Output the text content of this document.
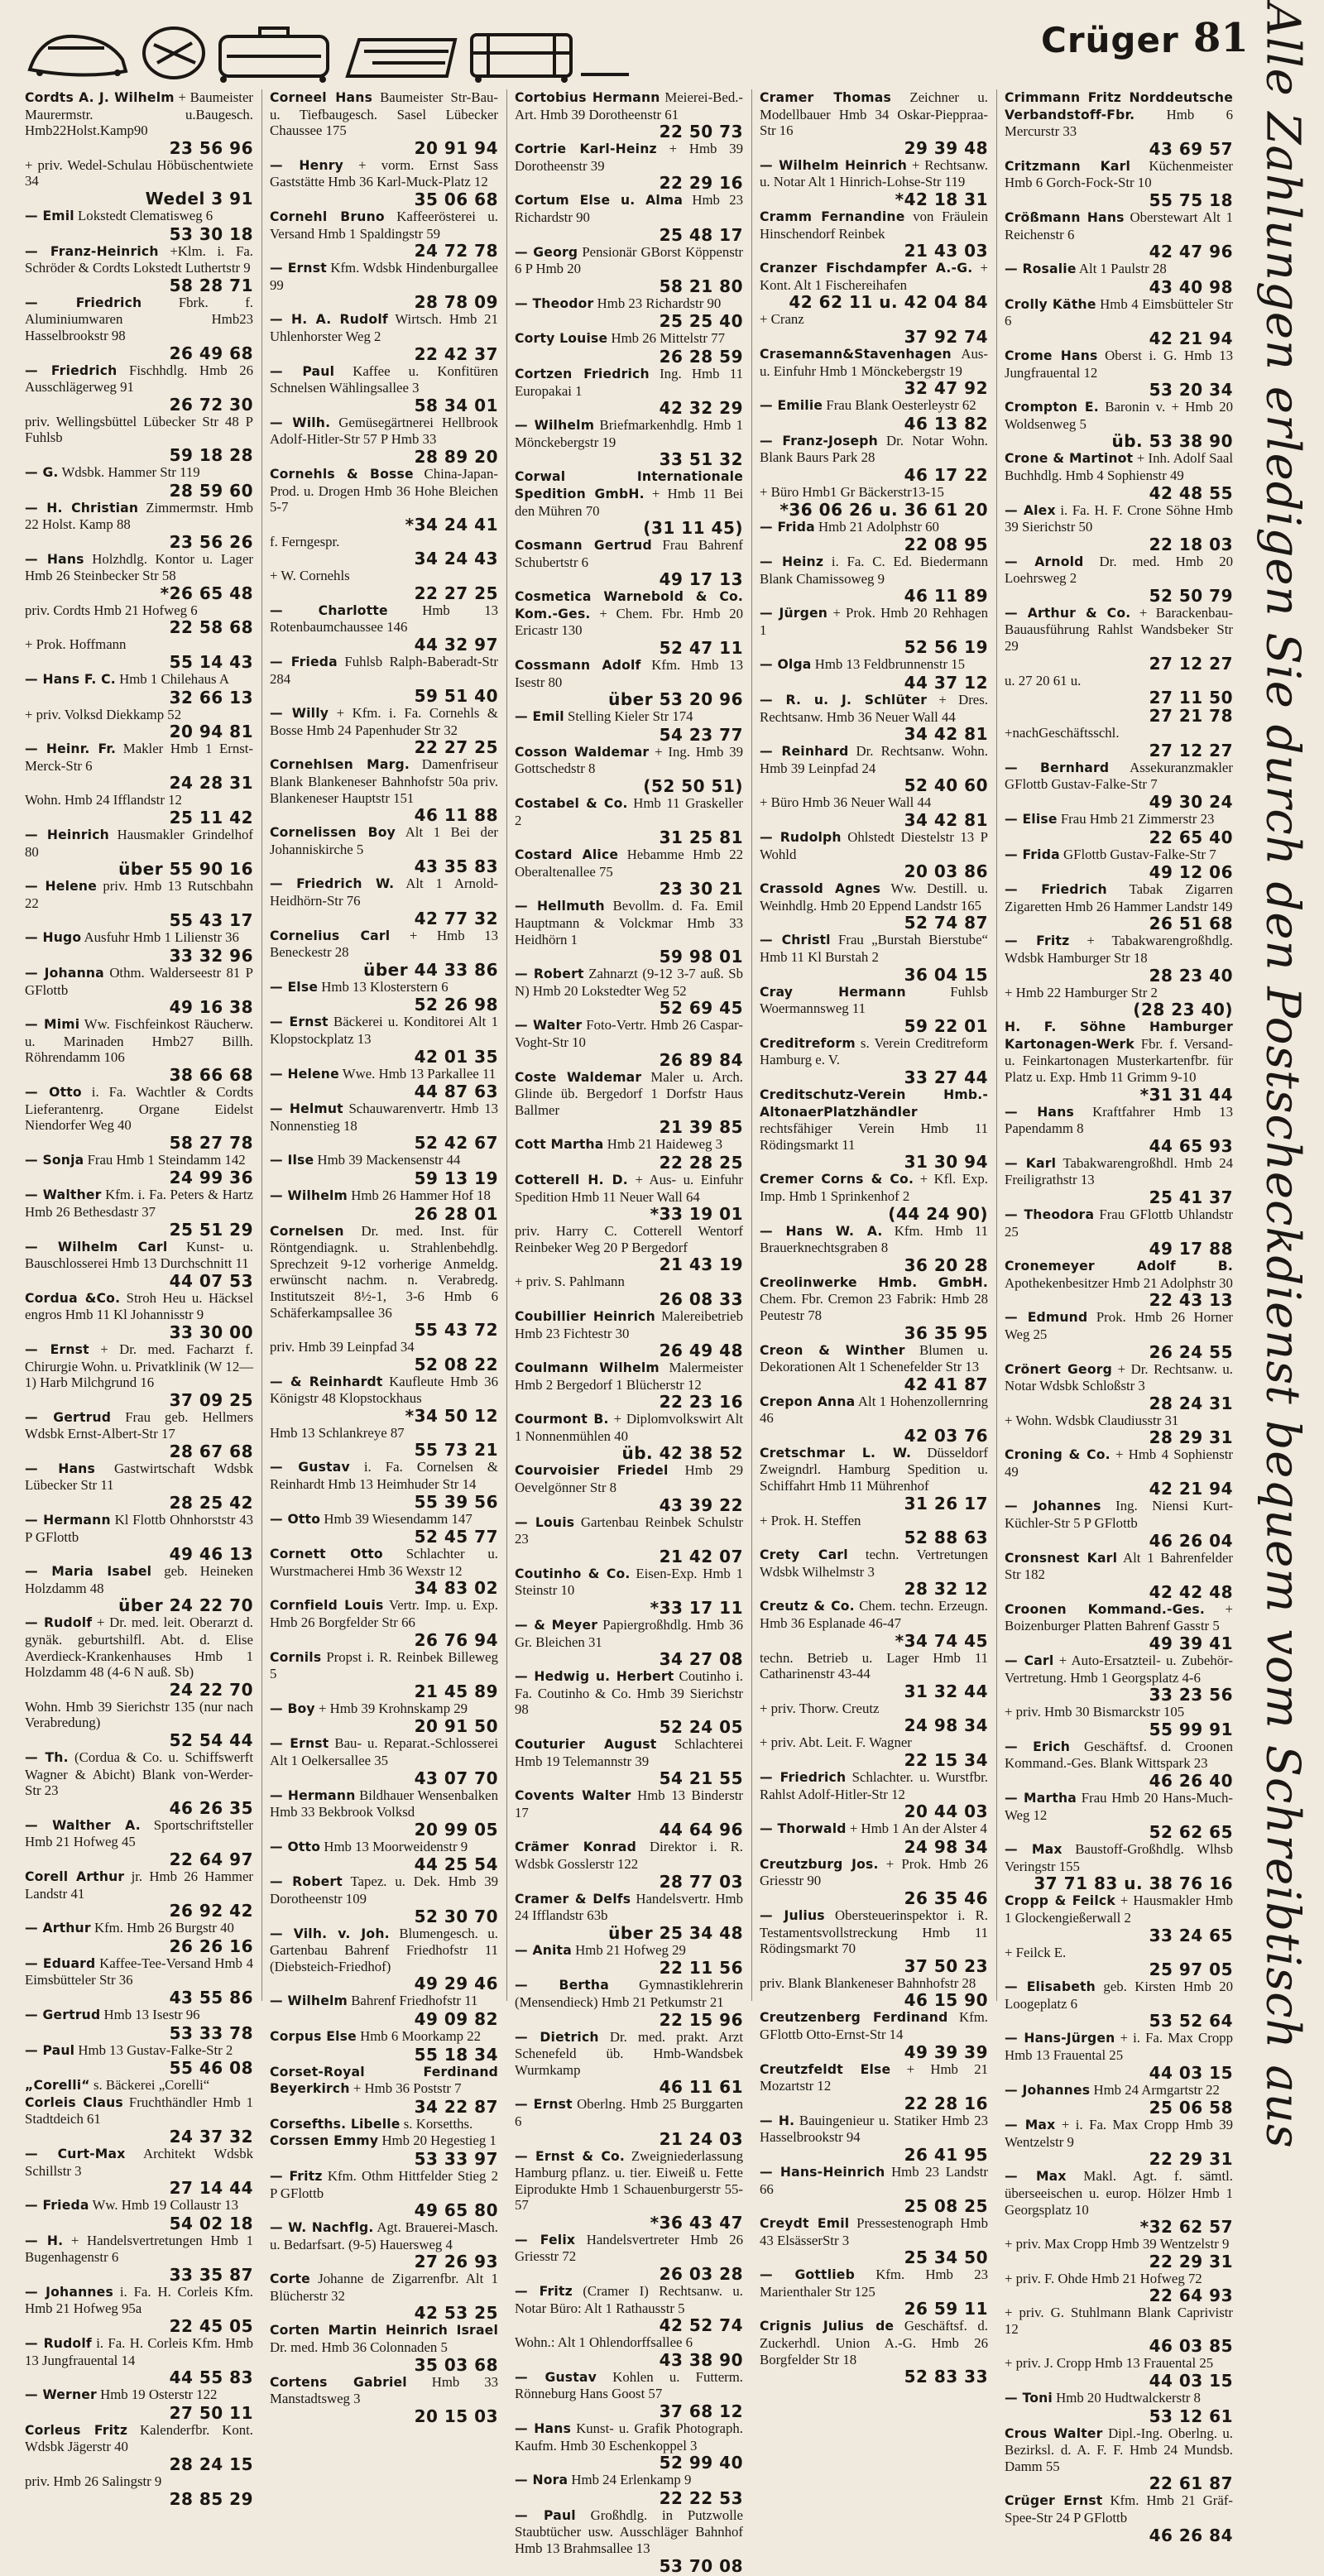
Crüger 81
Cordts A. J. Wilhelm + Baumeister Maurermstr. u.Baugesch. Hmb22Holst.Kamp90
23 56 96
+ priv. Wedel-Schulau Höbüschentwiete 34
Wedel 3 91
— Emil Lokstedt Clematisweg 6
53 30 18
— Franz-Heinrich +Klm. i. Fa. Schröder & Cordts Lokstedt Luthertstr 9
58 28 71
— Friedrich	Fbrk. f. Aluminiumwaren Hmb23 Hasselbrookstr 98
26 49 68
— Friedrich Fischhdlg. Hmb 26 Ausschlägerweg 91
26 72 30
priv. Wellingsbüttel Lübecker Str 48 P Fuhlsb
59 18 28
— G. Wdsbk. Hammer Str 119
28 59 60
— H. Christian Zimmermstr. Hmb 22 Holst. Kamp 88
23 56 26
— Hans Holzhdlg. Kontor u. Lager Hmb 26 Steinbecker Str 58
*26 65 48
priv. Cordts Hmb 21 Hofweg 6
22 58 68
+ Prok. Hoffmann
55 14 43
— Hans F. C. Hmb 1 Chilehaus A
32 66 13
+ priv. Volksd Diekkamp 52
20 94 81
— Heinr. Fr. Makler Hmb 1 Ernst-Merck-Str 6
24 28 31
Wohn. Hmb 24 Ifflandstr 12
25 11 42
— Heinrich Hausmakler Grindelhof 80
über 55 90 16
— Helene priv. Hmb 13 Rutschbahn 22
55 43 17
— Hugo Ausfuhr Hmb 1 Lilienstr 36
33 32 96
— Johanna Othm. Walderseestr 81 P GFlottb
49 16 38
— Mimi Ww. Fischfeinkost Räucherw. u. Marinaden Hmb27 Billh. Röhrendamm 106
38 66 68
— Otto i. Fa. Wachtler & Cordts Lieferantenrg. Organe Eidelst Niendorfer Weg 40
58 27 78
— Sonja Frau Hmb 1 Steindamm 142
24 99 36
— Walther Kfm. i. Fa. Peters & Hartz Hmb 26 Bethesdastr 37
25 51 29
— Wilhelm Carl Kunst- u. Bauschlosserei Hmb 13 Durchschnitt 11
44 07 53
Cordua &Co. Stroh Heu u. Häcksel engros Hmb 11 Kl Johannisstr 9
33 30 00
— Ernst + Dr. med. Facharzt f. Chirurgie Wohn. u. Privatklinik (W 12—1) Harb Milchgrund 16
37 09 25
— Gertrud Frau geb. Hellmers Wdsbk Ernst-Albert-Str 17
28 67 68
— Hans Gastwirtschaft Wdsbk Lübecker Str 11
28 25 42
— Hermann Kl Flottb Ohnhorststr 43 P GFlottb
49 46 13
— Maria Isabel geb. Heineken Holzdamm 48
über 24 22 70
— Rudolf + Dr. med. leit. Oberarzt d. gynäk. geburtshilfl. Abt. d. Elise Averdieck-Krankenhauses Hmb 1 Holzdamm 48 (4-6 N auß. Sb)
24 22 70
Wohn. Hmb 39 Sierichstr 135 (nur nach Verabredung)
52 54 44
— Th. (Cordua & Co. u. Schiffswerft Wagner & Abicht) Blank von-Werder-Str 23
46 26 35
— Walther A. Sportschriftsteller Hmb 21 Hofweg 45
22 64 97
Corell Arthur jr. Hmb 26 Hammer Landstr 41
26 92 42
— Arthur Kfm. Hmb 26 Burgstr 40
26 26 16
— Eduard Kaffee-Tee-Versand Hmb 4 Eimsbütteler Str 36
43 55 86
— Gertrud Hmb 13 Isestr 96
53 33 78
— Paul Hmb 13 Gustav-Falke-Str 2
55 46 08
„Corelli“ s. Bäckerei „Corelli“
Corleis Claus Fruchthändler Hmb 1 Stadtdeich 61
24 37 32
— Curt-Max Architekt Wdsbk Schillstr 3
27 14 44
— Frieda Ww. Hmb 19 Collaustr 13
54 02 18
— H. + Handelsvertretungen Hmb 1 Bugenhagenstr 6
33 35 87
— Johannes i. Fa. H. Corleis Kfm. Hmb 21 Hofweg 95a
22 45 05
— Rudolf i. Fa. H. Corleis Kfm. Hmb 13 Jungfrauental 14
44 55 83
— Werner Hmb 19 Osterstr 122
27 50 11
Corleus Fritz Kalenderfbr. Kont. Wdsbk Jägerstr 40
28 24 15
priv. Hmb 26 Salingstr 9
28 85 29
Corneel Hans Baumeister Str-Bau- u. Tiefbaugesch. Sasel Lübecker Chaussee 175
20 91 94
— Henry + vorm. Ernst Sass Gaststätte Hmb 36 Karl-Muck-Platz 12
35 06 68
Cornehl Bruno Kaffeerösterei u. Versand Hmb 1 Spaldingstr 59
24 72 78
— Ernst Kfm. Wdsbk Hindenburgallee 99
28 78 09
— H. A. Rudolf Wirtsch. Hmb 21 Uhlenhorster Weg 2
22 42 37
— Paul Kaffee u. Konfitüren Schnelsen Wählingsallee 3
58 34 01
— Wilh. Gemüsegärtnerei Hellbrook Adolf-Hitler-Str 57 P Hmb 33
28 89 20
Cornehls & Bosse China-Japan-Prod. u. Drogen Hmb 36 Hohe Bleichen 5-7
*34 24 41
f. Ferngespr.
34 24 43
+ W. Cornehls
22 27 25
— Charlotte Hmb 13 Rotenbaumchaussee 146
44 32 97
— Frieda Fuhlsb Ralph-Baberadt-Str 284
59 51 40
— Willy + Kfm. i. Fa. Cornehls & Bosse Hmb 24 Papenhuder Str 32
22 27 25
Cornehlsen Marg. Damenfriseur Blank Blankeneser Bahnhofstr 50a priv. Blankeneser Hauptstr 151
46 11 88
Cornelissen Boy Alt 1 Bei der Johanniskirche 5
43 35 83
— Friedrich W. Alt 1 Arnold-Heidhörn-Str 76
42 77 32
Cornelius Carl + Hmb 13 Beneckestr 28
über 44 33 86
— Else Hmb 13 Klosterstern 6
52 26 98
— Ernst Bäckerei u. Konditorei Alt 1 Klopstockplatz 13
42 01 35
— Helene Wwe. Hmb 13 Parkallee 11
44 87 63
— Helmut Schauwarenvertr. Hmb 13 Nonnenstieg 18
52 42 67
— Ilse Hmb 39 Mackensenstr 44
59 13 19
— Wilhelm Hmb 26 Hammer Hof 18
26 28 01
Cornelsen Dr. med. Inst. für Röntgendiagnk. u. Strahlenbehdlg. Sprechzeit 9-12 vorherige Anmeldg. erwünscht nachm. n. Verabredg. Institutszeit 8½-1, 3-6 Hmb 6 Schäferkampsallee 36
55 43 72
priv. Hmb 39 Leinpfad 34
52 08 22
— & Reinhardt Kaufleute Hmb 36 Königstr 48 Klopstockhaus
*34 50 12
Hmb 13 Schlankreye 87
55 73 21
— Gustav i. Fa. Cornelsen & Reinhardt Hmb 13 Heimhuder Str 14
55 39 56
— Otto Hmb 39 Wiesendamm 147
52 45 77
Cornett Otto Schlachter u. Wurstmacherei Hmb 36 Wexstr 12
34 83 02
Cornfield Louis Vertr. Imp. u. Exp. Hmb 26 Borgfelder Str 66
26 76 94
Cornils Propst i. R. Reinbek Billeweg 5
21 45 89
— Boy + Hmb 39 Krohnskamp 29
20 91 50
— Ernst Bau- u. Reparat.-Schlosserei Alt 1 Oelkersallee 35
43 07 70
— Hermann Bildhauer Wensenbalken Hmb 33 Bekbrook Volksd
20 99 05
— Otto Hmb 13 Moorweidenstr 9
44 25 54
— Robert Tapez. u. Dek. Hmb 39 Dorotheenstr 109
52 30 70
— Vilh. v. Joh. Blumengesch. u. Gartenbau Bahrenf Friedhofstr 11 (Diebsteich-Friedhof)
49 29 46
— Wilhelm Bahrenf Friedhofstr 11
49 09 82
Corpus Else Hmb 6 Moorkamp 22
55 18 34
Corset-Royal Ferdinand Beyerkirch + Hmb 36 Poststr 7
34 22 87
Corsefths. Libelle s. Korsetths.
Corssen Emmy Hmb 20 Hegestieg 1
53 33 97
— Fritz Kfm. Othm Hittfelder Stieg 2 P GFlottb
49 65 80
— W. Nachflg. Agt. Brauerei-Masch. u. Bedarfsart. (9-5) Hauersweg 4
27 26 93
Corte Johanne de Zigarrenfbr. Alt 1 Blücherstr 32
42 53 25
Corten Martin Heinrich Israel Dr. med. Hmb 36 Colonnaden 5
35 03 68
Cortens Gabriel Hmb 33 Manstadtsweg 3
20 15 03
Cortobius Hermann Meierei-Bed.-Art. Hmb 39 Dorotheenstr 61
22 50 73
Cortrie Karl-Heinz + Hmb 39 Dorotheenstr 39
22 29 16
Cortum Else u. Alma Hmb 23 Richardstr 90
25 48 17
— Georg Pensionär GBorst Köppenstr 6 P Hmb 20
58 21 80
— Theodor Hmb 23 Richardstr 90
25 25 40
Corty Louise Hmb 26 Mittelstr 77
26 28 59
Cortzen Friedrich Ing. Hmb 11 Europakai 1
42 32 29
— Wilhelm Briefmarkenhdlg. Hmb 1 Mönckebergstr 19
33 51 32
Corwal Internationale Spedition GmbH. + Hmb 11 Bei den Mühren 70
(31 11 45)
Cosmann Gertrud Frau Bahrenf Schubertstr 6
49 17 13
Cosmetica Warnebold & Co. Kom.-Ges. + Chem. Fbr. Hmb 20 Ericastr 130
52 47 11
Cossmann Adolf Kfm. Hmb 13 Isestr 80
über 53 20 96
— Emil Stelling Kieler Str 174
54 23 77
Cosson Waldemar + Ing. Hmb 39 Gottschedstr 8
(52 50 51)
Costabel & Co. Hmb 11 Graskeller 2
31 25 81
Costard Alice Hebamme Hmb 22 Oberaltenallee 75
23 30 21
— Hellmuth Bevollm. d. Fa. Emil Hauptmann & Volckmar Hmb 33 Heidhörn 1
59 98 01
— Robert Zahnarzt (9-12 3-7 auß. Sb N) Hmb 20 Lokstedter Weg 52
52 69 45
— Walter Foto-Vertr. Hmb 26 Caspar-Voght-Str 10
26 89 84
Coste Waldemar Maler u. Arch. Glinde üb. Bergedorf 1 Dorfstr Haus Ballmer
21 39 85
Cott Martha Hmb 21 Haideweg 3
22 28 25
Cotterell H. D. + Aus- u. Einfuhr Spedition Hmb 11 Neuer Wall 64
*33 19 01
priv. Harry C. Cotterell Wentorf Reinbeker Weg 20 P Bergedorf
21 43 19
+ priv. S. Pahlmann
26 08 33
Coubillier Heinrich Malereibetrieb Hmb 23 Fichtestr 30
26 49 48
Coulmann Wilhelm Malermeister Hmb 2 Bergedorf 1 Blücherstr 12
22 23 16
Courmont B. + Diplomvolkswirt Alt 1 Nonnenmühlen 40
üb. 42 38 52
Courvoisier Friedel Hmb 29 Oevelgönner Str 8
43 39 22
— Louis Gartenbau Reinbek Schulstr 23
21 42 07
Coutinho & Co. Eisen-Exp. Hmb 1 Steinstr 10
*33 17 11
— & Meyer Papiergroßhdlg. Hmb 36 Gr. Bleichen 31
34 27 08
— Hedwig u. Herbert Coutinho i. Fa. Coutinho & Co. Hmb 39 Sierichstr 98
52 24 05
Couturier August Schlachterei Hmb 19 Telemannstr 39
54 21 55
Covents Walter Hmb 13 Binderstr 17
44 64 96
Crämer Konrad Direktor i. R. Wdsbk Gosslerstr 122
28 77 03
Cramer & Delfs Handelsvertr. Hmb 24 Ifflandstr 63b
über 25 34 48
— Anita Hmb 21 Hofweg 29
22 11 56
— Bertha Gymnastiklehrerin (Mensendieck) Hmb 21 Petkumstr 21
22 15 96
— Dietrich Dr. med. prakt. Arzt Schenefeld üb. Hmb-Wandsbek Wurmkamp
46 11 61
— Ernst Oberlng. Hmb 25 Burggarten 6
21 24 03
— Ernst & Co. Zweigniederlassung Hamburg pflanz. u. tier. Eiweiß u. Fette Eiprodukte Hmb 1 Schauenburgerstr 55-57
*36 43 47
— Felix Handelsvertreter Hmb 26 Griesstr 72
26 03 28
— Fritz (Cramer I) Rechtsanw. u. Notar Büro: Alt 1 Rathausstr 5
42 52 74
Wohn.: Alt 1 Ohlendorffsallee 6
43 38 90
— Gustav Kohlen u. Futterm. Rönneburg Hans Goost 57
37 68 12
— Hans Kunst- u. Grafik Photograph. Kaufm. Hmb 30 Eschenkoppel 3
52 99 40
— Nora Hmb 24 Erlenkamp 9
22 22 53
— Paul Großhdlg. in Putzwolle Staubtücher usw. Ausschläger Bahnhof Hmb 13 Brahmsallee 13
53 70 08
Cramer Thomas Zeichner u. Modellbauer Hmb 34 Oskar-Pieppraa-Str 16
29 39 48
— Wilhelm Heinrich + Rechtsanw. u. Notar Alt 1 Hinrich-Lohse-Str 119
*42 18 31
Cramm Fernandine von Fräulein Hinschendorf Reinbek
21 43 03
Cranzer Fischdampfer A.-G. + Kont. Alt 1 Fischereihafen
42 62 11 u. 42 04 84
+ Cranz
37 92 74
Crasemann&Stavenhagen Aus- u. Einfuhr Hmb 1 Mönckebergstr 19
32 47 92
— Emilie Frau Blank Oesterleystr 62
46 13 82
— Franz-Joseph Dr. Notar Wohn. Blank Baurs Park 28
46 17 22
+ Büro Hmb1 Gr Bäckerstr13-15
*36 06 26 u. 36 61 20
— Frida Hmb 21 Adolphstr 60
22 08 95
— Heinz i. Fa. C. Ed. Biedermann Blank Chamissoweg 9
46 11 89
— Jürgen + Prok. Hmb 20 Rehhagen 1
52 56 19
— Olga Hmb 13 Feldbrunnenstr 15
44 37 12
— R. u. J. Schlüter + Dres. Rechtsanw. Hmb 36 Neuer Wall 44
34 42 81
— Reinhard Dr. Rechtsanw. Wohn. Hmb 39 Leinpfad 24
52 40 60
+ Büro Hmb 36 Neuer Wall 44
34 42 81
— Rudolph Ohlstedt Diestelstr 13 P Wohld
20 03 86
Crassold Agnes Ww. Destill. u. Weinhdlg. Hmb 20 Eppend Landstr 165
52 74 87
— Christl Frau „Burstah Bierstube“ Hmb 11 Kl Burstah 2
36 04 15
Cray Hermann	Fuhlsb Woermannsweg 11
59 22 01
Creditreform s. Verein Creditreform Hamburg e. V.
33 27 44
Creditschutz-Verein Hmb.-AltonaerPlatzhändler rechtsfähiger Verein Hmb 11 Rödingsmarkt 11
31 30 94
Cremer Corns & Co. + Kfl. Exp. Imp. Hmb 1 Sprinkenhof 2
(44 24 90)
— Hans W. A. Kfm. Hmb 11 Brauerknechtsgraben 8
36 20 28
Creolinwerke Hmb. GmbH. Chem. Fbr. Cremon 23 Fabrik: Hmb 28 Peutestr 78
36 35 95
Creon & Winther Blumen u. Dekorationen Alt 1 Schenefelder Str 13
42 41 87
Crepon Anna Alt 1 Hohenzollernring 46
42 03 76
Cretschmar L. W. Düsseldorf Zweigndrl. Hamburg Spedition u. Schiffahrt Hmb 11 Mührenhof
31 26 17
+ Prok. H. Steffen
52 88 63
Crety Carl techn. Vertretungen Wdsbk Wilhelmstr 3
28 32 12
Creutz & Co. Chem. techn. Erzeugn. Hmb 36 Esplanade 46-47
*34 74 45
techn. Betrieb u. Lager Hmb 11 Catharinenstr 43-44
31 32 44
+ priv. Thorw. Creutz
24 98 34
+ priv. Abt. Leit. F. Wagner
22 15 34
— Friedrich Schlachter. u. Wurstfbr. Rahlst Adolf-Hitler-Str 12
20 44 03
— Thorwald + Hmb 1 An der Alster 4
24 98 34
Creutzburg Jos. + Prok. Hmb 26 Griesstr 90
26 35 46
— Julius Obersteuerinspektor i. R. Testamentsvollstreckung Hmb 11 Rödingsmarkt 70
37 50 23
priv. Blank Blankeneser Bahnhofstr 28
46 15 90
Creutzenberg Ferdinand Kfm. GFlottb Otto-Ernst-Str 14
49 39 39
Creutzfeldt Else + Hmb 21 Mozartstr 12
22 28 16
— H. Bauingenieur u. Statiker Hmb 23 Hasselbrookstr 94
26 41 95
— Hans-Heinrich Hmb 23 Landstr 66
25 08 25
Creydt Emil Pressestenograph Hmb 43 ElsässerStr 3
25 34 50
— Gottlieb Kfm. Hmb 23 Marienthaler Str 125
26 59 11
Crignis Julius de Geschäftsf. d. Zuckerhdl. Union A.-G. Hmb 26 Borgfelder Str 18
52 83 33
Crimmann Fritz Norddeutsche Verbandstoff-Fbr. Hmb 6 Mercurstr 33
43 69 57
Critzmann Karl Küchenmeister Hmb 6 Gorch-Fock-Str 10
55 75 18
Crößmann Hans Oberstewart Alt 1 Reichenstr 6
42 47 96
— Rosalie Alt 1 Paulstr 28
43 40 98
Crolly Käthe Hmb 4 Eimsbütteler Str 6
42 21 94
Crome Hans Oberst i. G. Hmb 13 Jungfrauental 12
53 20 34
Crompton E. Baronin v. + Hmb 20 Woldsenweg 5
üb. 53 38 90
Crone & Martinot + Inh. Adolf Saal Buchhdlg. Hmb 4 Sophienstr 49
42 48 55
— Alex i. Fa. H. F. Crone Söhne Hmb 39 Sierichstr 50
22 18 03
— Arnold Dr. med. Hmb 20 Loehrsweg 2
52 50 79
— Arthur & Co. + Barackenbau-Bauausführung Rahlst Wandsbeker Str 29
27 12 27
u. 27 20 61 u.
27 11 50
27 21 78
+nachGeschäftsschl.
27 12 27
— Bernhard Assekuranzmakler GFlottb Gustav-Falke-Str 7
49 30 24
— Elise Frau Hmb 21 Zimmerstr 23
22 65 40
— Frida GFlottb Gustav-Falke-Str 7
49 12 06
— Friedrich Tabak Zigarren Zigaretten Hmb 26 Hammer Landstr 149
26 51 68
— Fritz + Tabakwarengroßhdlg. Wdsbk Hamburger Str 18
28 23 40
+ Hmb 22 Hamburger Str 2
(28 23 40)
H. F. Söhne Hamburger Kartonagen-Werk Fbr. f. Versand- u. Feinkartonagen Musterkartenfbr. für Platz u. Exp. Hmb 11 Grimm 9-10
*31 31 44
— Hans Kraftfahrer Hmb 13 Papendamm 8
44 65 93
— Karl Tabakwarengroßhdl. Hmb 24 Freiligrathstr 13
25 41 37
— Theodora Frau GFlottb Uhlandstr 25
49 17 88
Cronemeyer Adolf B. Apothekenbesitzer Hmb 21 Adolphstr 30
22 43 13
— Edmund Prok. Hmb 26 Horner Weg 25
26 24 55
Crönert Georg + Dr. Rechtsanw. u. Notar Wdsbk Schloßstr 3
28 24 31
+ Wohn. Wdsbk Claudiusstr 31
28 29 31
Croning & Co. + Hmb 4 Sophienstr 49
42 21 94
— Johannes Ing. Niensi Kurt-Küchler-Str 5 P GFlottb
46 26 04
Cronsnest Karl Alt 1 Bahrenfelder Str 182
42 42 48
Croonen Kommand.-Ges. + Boizenburger Platten Bahrenf Gasstr 5
49 39 41
— Carl + Auto-Ersatzteil- u. Zubehör-Vertretung. Hmb 1 Georgsplatz 4-6
33 23 56
+ priv. Hmb 30 Bismarckstr 105
55 99 91
— Erich Geschäftsf. d. Croonen Kommand.-Ges. Blank Wittspark 23
46 26 40
— Martha Frau Hmb 20 Hans-Much-Weg 12
52 62 65
— Max Baustoff-Großhdlg. Wlhsb Veringstr 155
37 71 83 u. 38 76 16
Cropp & Feilck + Hausmakler Hmb 1 Glockengießerwall 2
33 24 65
+ Feilck E.
25 97 05
— Elisabeth geb. Kirsten Hmb 20 Loogeplatz 6
53 52 64
— Hans-Jürgen + i. Fa. Max Cropp Hmb 13 Frauental 25
44 03 15
— Johannes Hmb 24 Armgartstr 22
25 06 58
— Max + i. Fa. Max Cropp Hmb 39 Wentzelstr 9
22 29 31
— Max Makl. Agt. f. sämtl. überseeischen u. europ. Hölzer Hmb 1 Georgsplatz 10
*32 62 57
+ priv. Max Cropp Hmb 39 Wentzelstr 9
22 29 31
+ priv. F. Ohde Hmb 21 Hofweg 72
22 64 93
+ priv. G. Stuhlmann Blank Caprivistr 12
46 03 85
+ priv. J. Cropp Hmb 13 Frauental 25
44 03 15
— Toni Hmb 20 Hudtwalckerstr 8
53 12 61
Crous Walter Dipl.-Ing. Oberlng. u. Bezirksl. d. A. F. F. Hmb 24 Mundsb. Damm 55
22 61 87
Crüger Ernst Kfm. Hmb 21 Gräf-Spee-Str 24 P GFlottb
46 26 84
Alle Zahlungen erledigen Sie durch den Postscheckdienst bequem vom Schreibtisch aus
